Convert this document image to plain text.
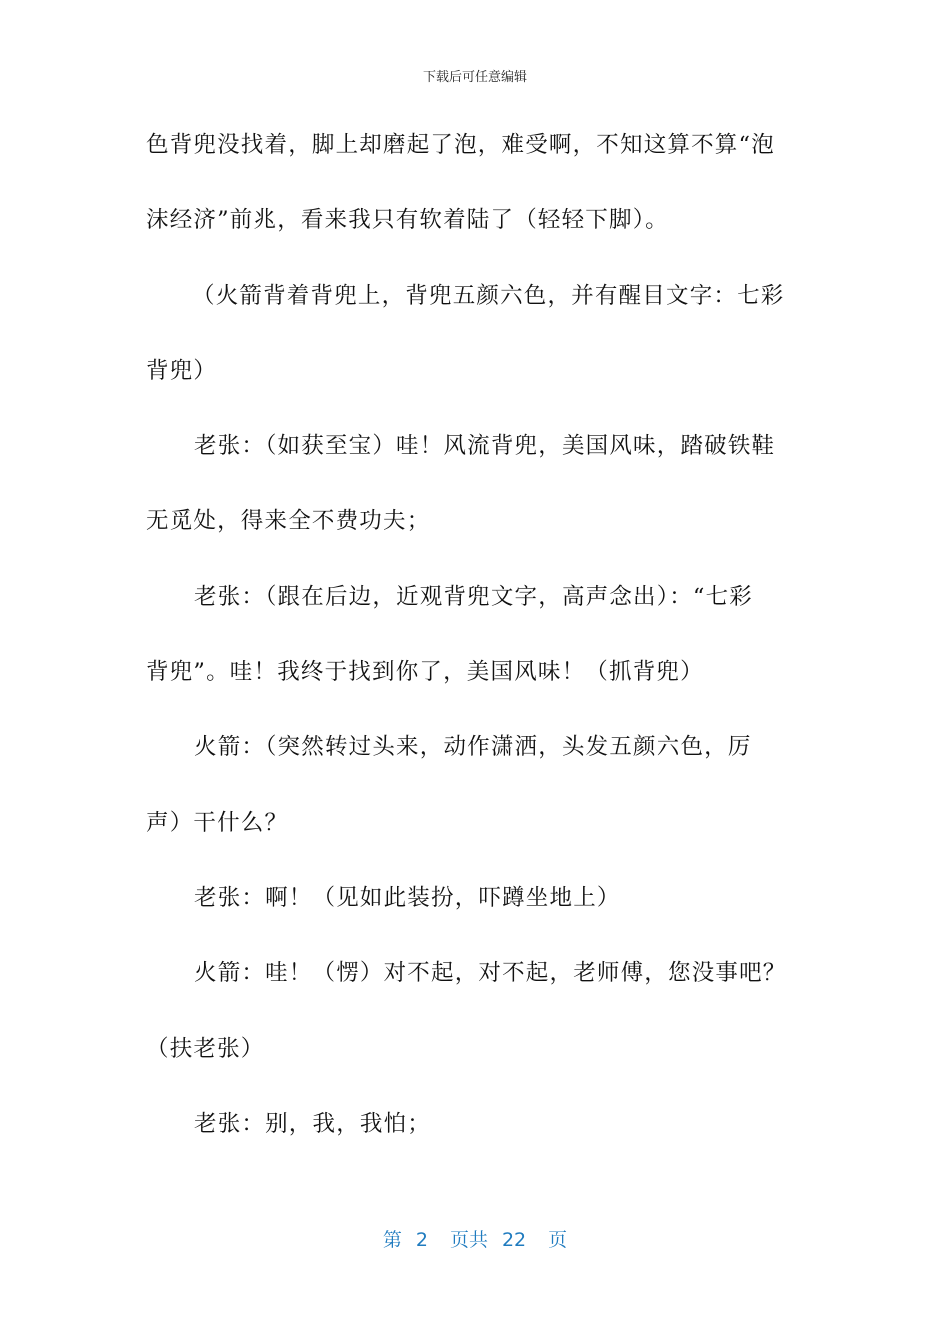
下载后可任意编辑
色背兜没找着，脚上却磨起了泡，难受啊，不知这算不算“泡
沫经济”前兆，看来我只有软着陆了（轻轻下脚）。
（火箭背着背兜上，背兜五颜六色，并有醒目文字：七彩
背兜）
老张：（如获至宝）哇！风流背兜，美国风味，踏破铁鞋
无觅处，得来全不费功夫；
老张：（跟在后边，近观背兜文字，高声念出）：“七彩
背兜”。哇！我终于找到你了，美国风味！（抓背兜）
火箭：（突然转过头来，动作潇洒，头发五颜六色，厉
声）干什么？
老张：啊！（见如此装扮，吓蹲坐地上）
火箭：哇！（愣）对不起，对不起，老师傅，您没事吧？
（扶老张）
老张：别，我，我怕；
第 2 页共 22 页
